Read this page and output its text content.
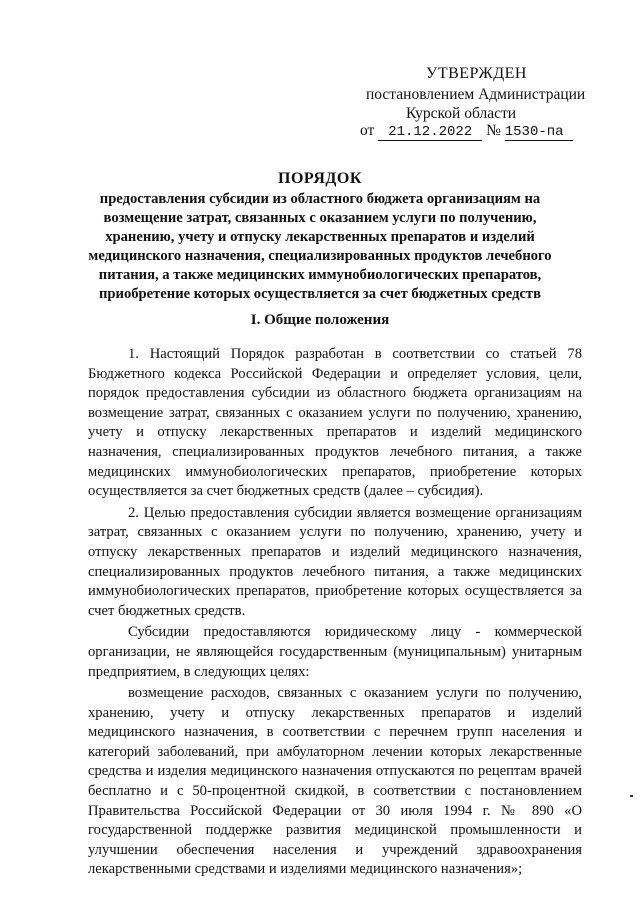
УТВЕРЖДЕН
постановлением Администрации
Курской области
от 21.12.2022 № 1530-па
ПОРЯДОК
предоставления субсидии из областного бюджета организациям на возмещение затрат, связанных с оказанием услуги по получению, хранению, учету и отпуску лекарственных препаратов и изделий медицинского назначения, специализированных продуктов лечебного питания, а также медицинских иммунобиологических препаратов, приобретение которых осуществляется за счет бюджетных средств
I. Общие положения

1. Настоящий Порядок разработан в соответствии со статьей 78 Бюджетного кодекса Российской Федерации и определяет условия, цели, порядок предоставления субсидии из областного бюджета организациям на возмещение затрат, связанных с оказанием услуги по получению, хранению, учету и отпуску лекарственных препаратов и изделий медицинского назначения, специализированных продуктов лечебного питания, а также медицинских иммунобиологических препаратов, приобретение которых осуществляется за счет бюджетных средств (далее – субсидия).

2. Целью предоставления субсидии является возмещение организациям затрат, связанных с оказанием услуги по получению, хранению, учету и отпуску лекарственных препаратов и изделий медицинского назначения, специализированных продуктов лечебного питания, а также медицинских иммунобиологических препаратов, приобретение которых осуществляется за счет бюджетных средств.

Субсидии предоставляются юридическому лицу - коммерческой организации, не являющейся государственным (муниципальным) унитарным предприятием, в следующих целях:

возмещение расходов, связанных с оказанием услуги по получению, хранению, учету и отпуску лекарственных препаратов и изделий медицинского назначения, в соответствии с перечнем групп населения и категорий заболеваний, при амбулаторном лечении которых лекарственные средства и изделия медицинского назначения отпускаются по рецептам врачей бесплатно и с 50-процентной скидкой, в соответствии с постановлением Правительства Российской Федерации от 30 июля 1994 г. № 890 «О государственной поддержке развития медицинской промышленности и улучшении обеспечения населения и учреждений здравоохранения лекарственными средствами и изделиями медицинского назначения»;
